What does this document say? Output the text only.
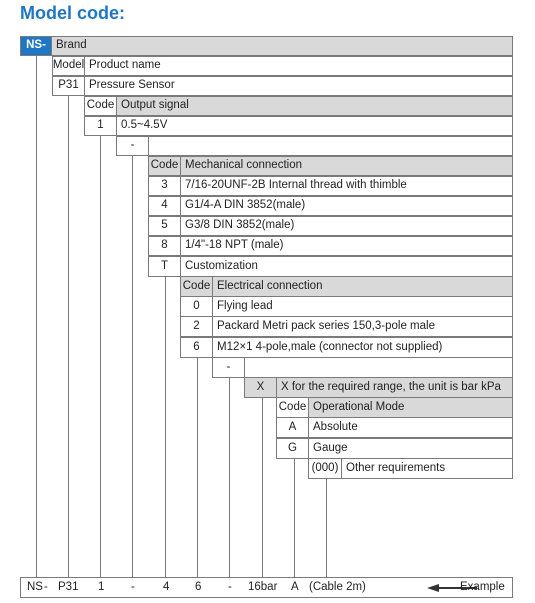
Model code:
NS- Brand
Model Product name
P31 Pressure Sensor
Code Output signal
1	0.5~4.5V
-
Code Mechanical connection
3	7/16-20UNF-2B Internal thread with thimble
4	G1/4-A DIN 3852(male)
5	G3/8 DIN 3852(male)
8	1/4"-18 NPT (male)
T	Customization
Code Electrical connection
0	Flying lead
2	Packard Metri pack series 150,3-pole male
6	M12×1 4-pole,male (connector not supplied)
-
X	X for the required range, the unit is bar kPa
Code Operational Mode
A	Absolute
G	Gauge
(000) Other requirements
NS - P31 1 - 4 6 - 16bar A (Cable 2m)	Example
